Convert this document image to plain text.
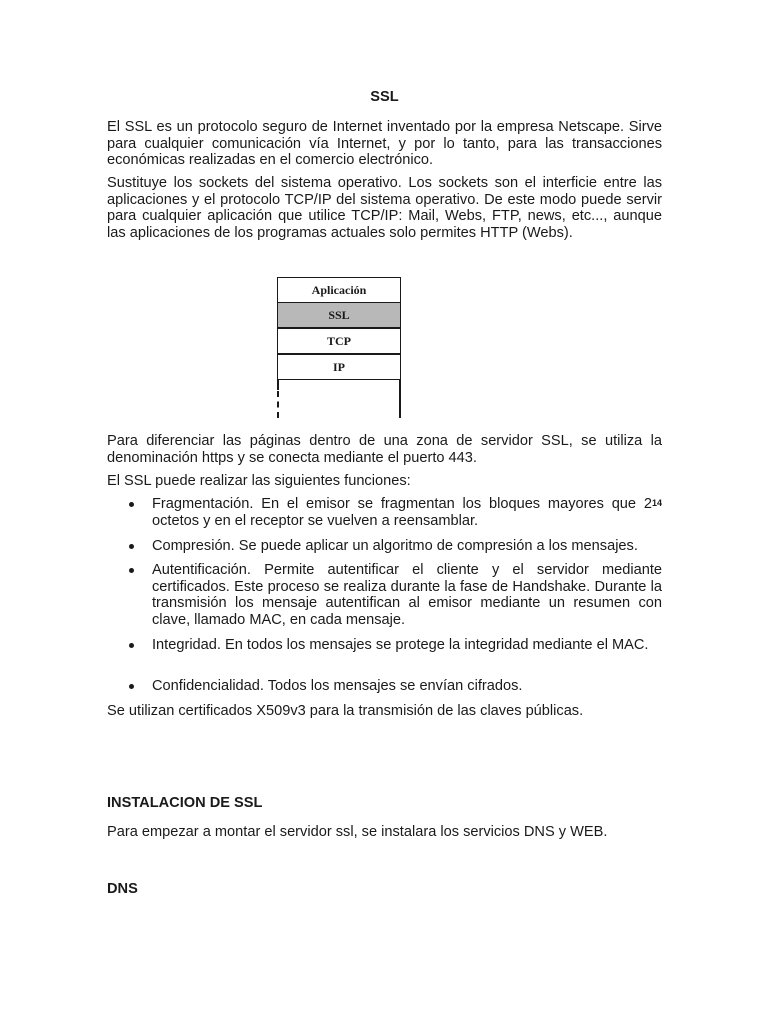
SSL

El SSL es un protocolo seguro de Internet inventado por la empresa Netscape. Sirve para cualquier comunicación vía Internet, y por lo tanto, para las transacciones económicas realizadas en el comercio electrónico.

Sustituye los sockets del sistema operativo. Los sockets son el interficie entre las aplicaciones y el protocolo TCP/IP del sistema operativo. De este modo puede servir para cualquier aplicación que utilice TCP/IP: Mail, Webs, FTP, news, etc..., aunque las aplicaciones de los programas actuales solo permites HTTP (Webs).

Aplicación
SSL
TCP
IP

Para diferenciar las páginas dentro de una zona de servidor SSL, se utiliza la denominación https y se conecta mediante el puerto 443.

El SSL puede realizar las siguientes funciones:

Fragmentación. En el emisor se fragmentan los bloques mayores que $2^{14}$ octetos y en el receptor se vuelven a reensamblar.
Compresión. Se puede aplicar un algoritmo de compresión a los mensajes.
Autentificación. Permite autentificar el cliente y el servidor mediante certificados. Este proceso se realiza durante la fase de Handshake. Durante la transmisión los mensaje autentifican al emisor mediante un resumen con clave, llamado MAC, en cada mensaje.
Integridad. En todos los mensajes se protege la integridad mediante el MAC.
Confidencialidad. Todos los mensajes se envían cifrados.

Se utilizan certificados X509v3 para la transmisión de las claves públicas.

INSTALACION DE SSL

Para empezar a montar el servidor ssl, se instalara los servicios DNS y WEB.

DNS
